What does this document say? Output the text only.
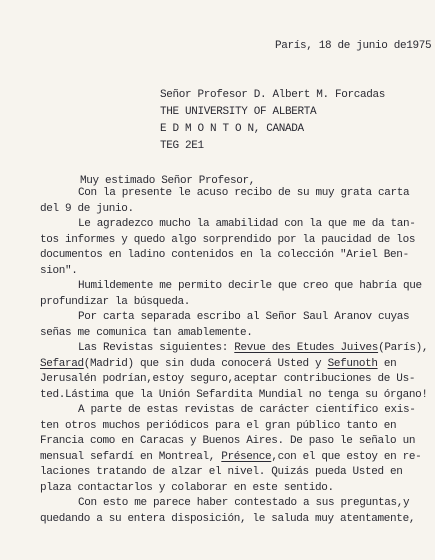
París, 18 de junio de1975
Señor Profesor D. Albert M. Forcadas
THE UNIVERSITY OF ALBERTA
E D M O N T O N, CANADA
TEG 2E1
Muy estimado Señor Profesor,
Con la presente le acuso recibo de su muy grata carta
del 9 de junio.
Le agradezco mucho la amabilidad con la que me da tan-
tos informes y quedo algo sorprendido por la paucidad de los
documentos en ladino contenidos en la colección "Ariel Ben-
sion".
Humildemente me permito decirle que creo que habría que
profundizar la búsqueda.
Por carta separada escribo al Señor Saul Aranov cuyas
señas me comunica tan amablemente.
Las Revistas siguientes: Revue des Etudes Juives(París),
Sefarad(Madrid) que sin duda conocerá Usted y Sefunoth en
Jerusalén podrían,estoy seguro,aceptar contribuciones de Us-
ted.Lástima que la Unión Sefardita Mundial no tenga su órgano!
A parte de estas revistas de carácter científico exis-
ten otros muchos periódicos para el gran público tanto en
Francia como en Caracas y Buenos Aires. De paso le señalo un
mensual sefardí en Montreal, Présence,con el que estoy en re-
laciones tratando de alzar el nivel. Quizás pueda Usted en
plaza contactarlos y colaborar en este sentido.
Con esto me parece haber contestado a sus preguntas,y
quedando a su entera disposición, le saluda muy atentamente,
